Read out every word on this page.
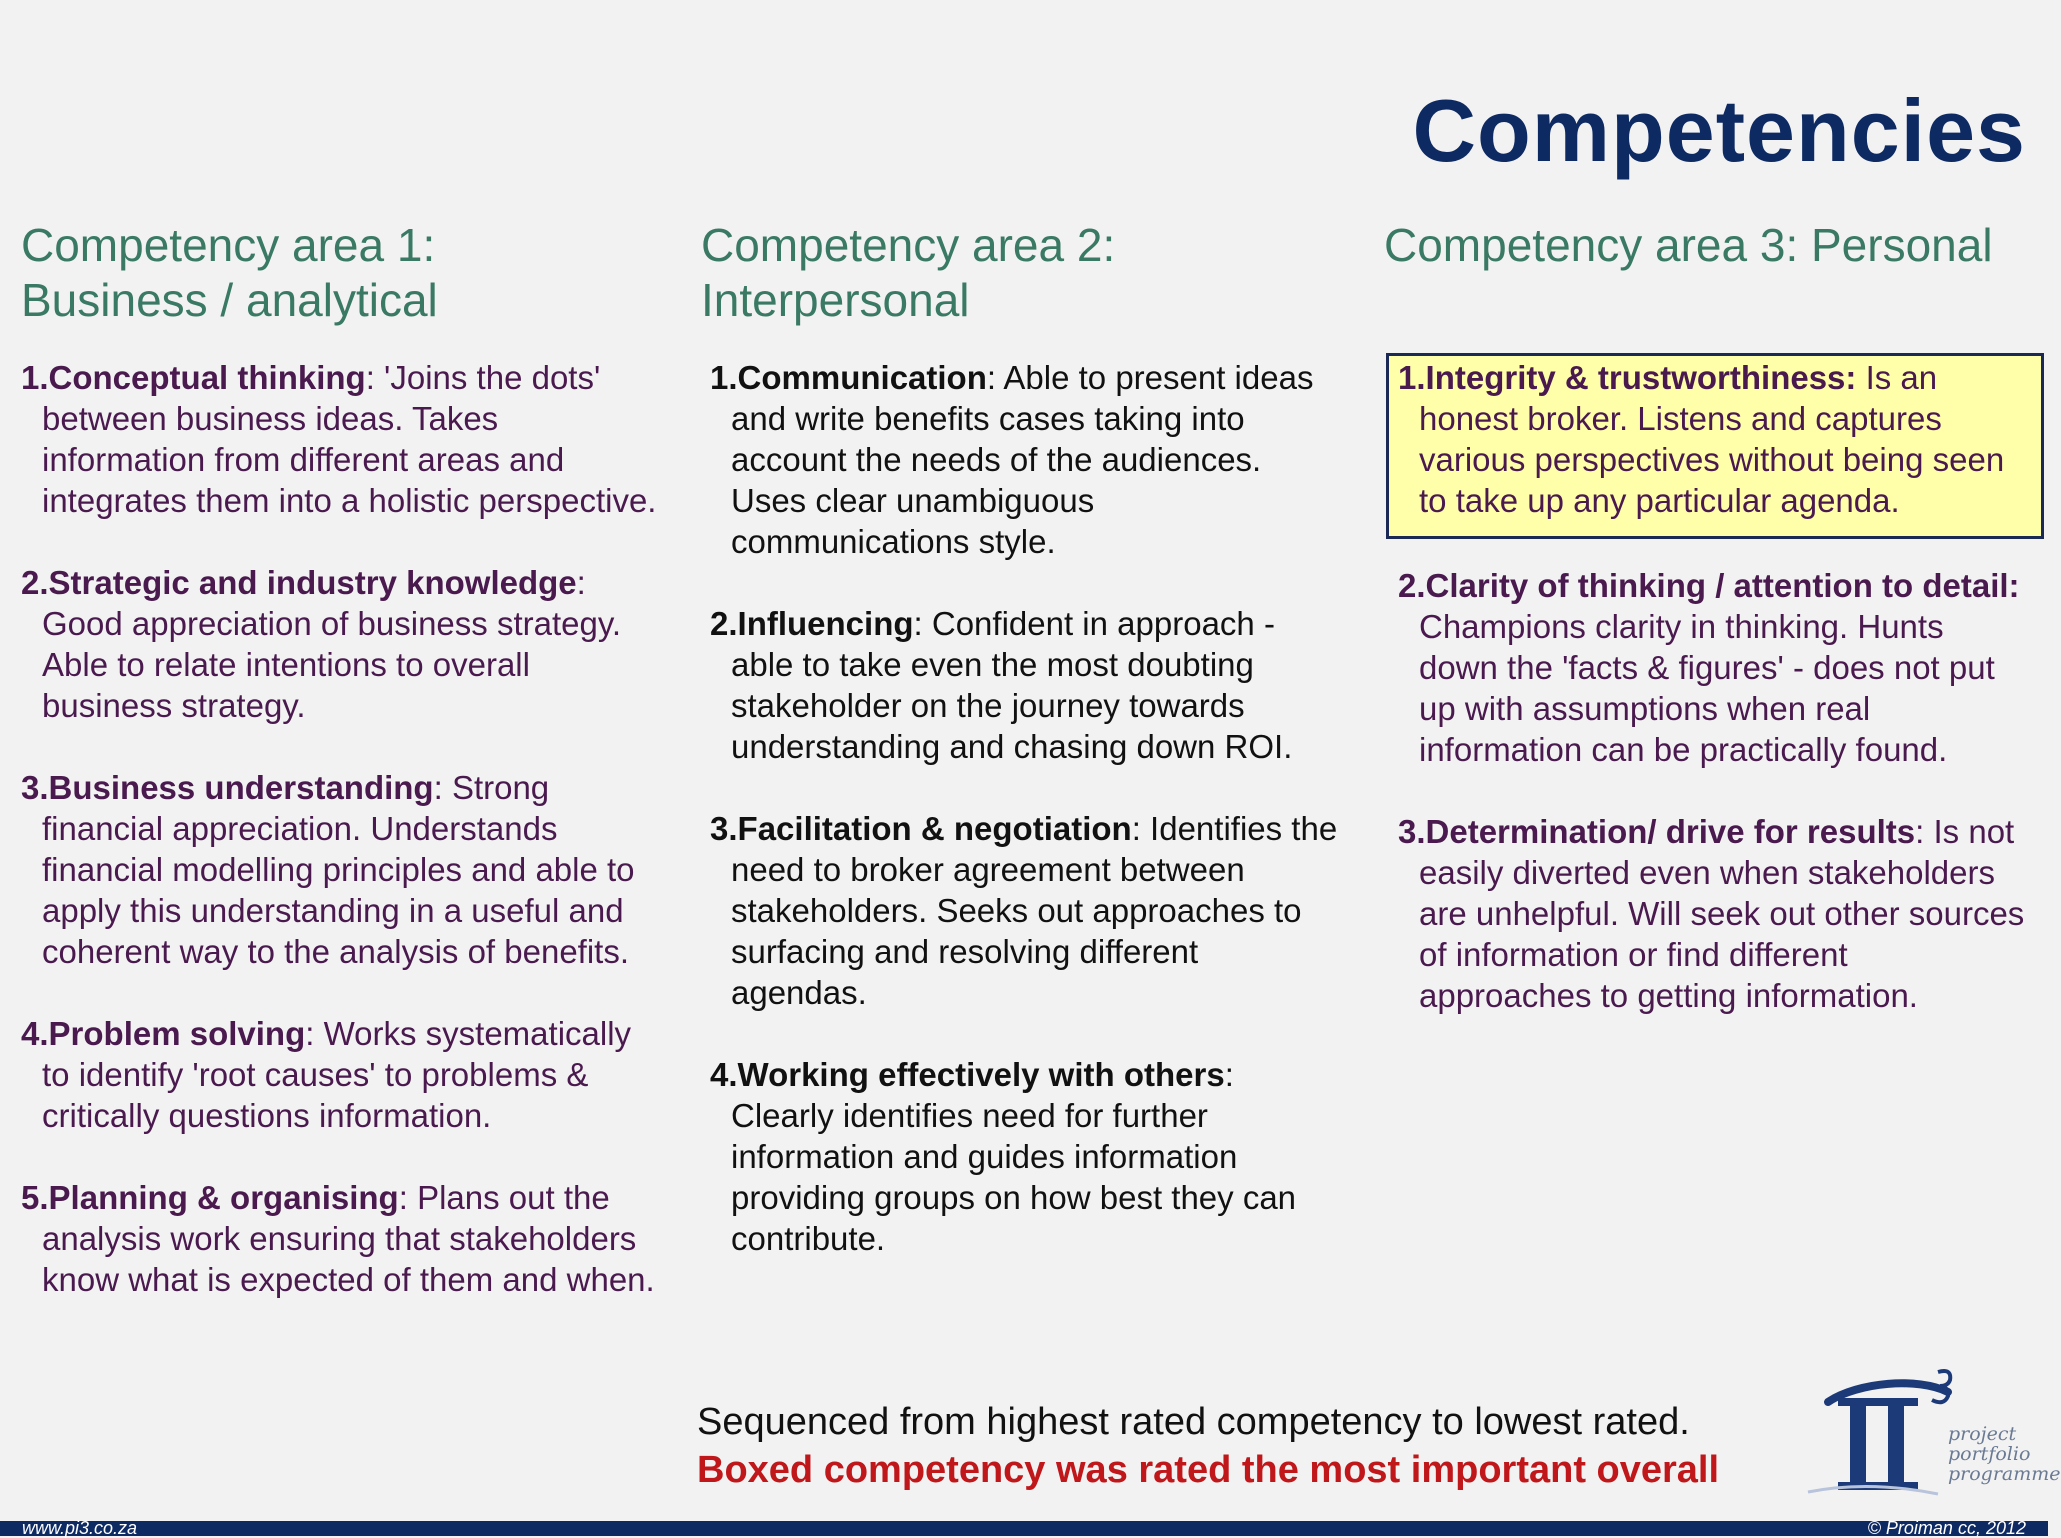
Competencies
Competency area 1:
Business / analytical
Competency area 2:
Interpersonal
Competency area 3: Personal
1.Conceptual thinking: 'Joins the dots' between business ideas. Takes information from different areas and integrates them into a holistic perspective.
2.Strategic and industry knowledge: Good appreciation of business strategy. Able to relate intentions to overall business strategy.
3.Business understanding: Strong financial appreciation. Understands financial modelling principles and able to apply this understanding in a useful and coherent way to the analysis of benefits.
4.Problem solving: Works systematically to identify 'root causes' to problems & critically questions information.
5.Planning & organising: Plans out the analysis work ensuring that stakeholders know what is expected of them and when.
1.Communication: Able to present ideas and write benefits cases taking into account the needs of the audiences. Uses clear unambiguous communications style.
2.Influencing: Confident in approach - able to take even the most doubting stakeholder on the journey towards understanding and chasing down ROI.
3.Facilitation & negotiation: Identifies the need to broker agreement between stakeholders. Seeks out approaches to surfacing and resolving different agendas.
4.Working effectively with others: Clearly identifies need for further information and guides information providing groups on how best they can contribute.
1.Integrity & trustworthiness: Is an honest broker. Listens and captures various perspectives without being seen to take up any particular agenda.
2.Clarity of thinking / attention to detail: Champions clarity in thinking. Hunts down the 'facts & figures' - does not put up with assumptions when real information can be practically found.
3.Determination/ drive for results: Is not easily diverted even when stakeholders are unhelpful. Will seek out other sources of information or find different approaches to getting information.
Sequenced from highest rated competency to lowest rated.
Boxed competency was rated the most important overall
project
portfolio
programme
www.pi3.co.za	© Proiman cc, 2012
